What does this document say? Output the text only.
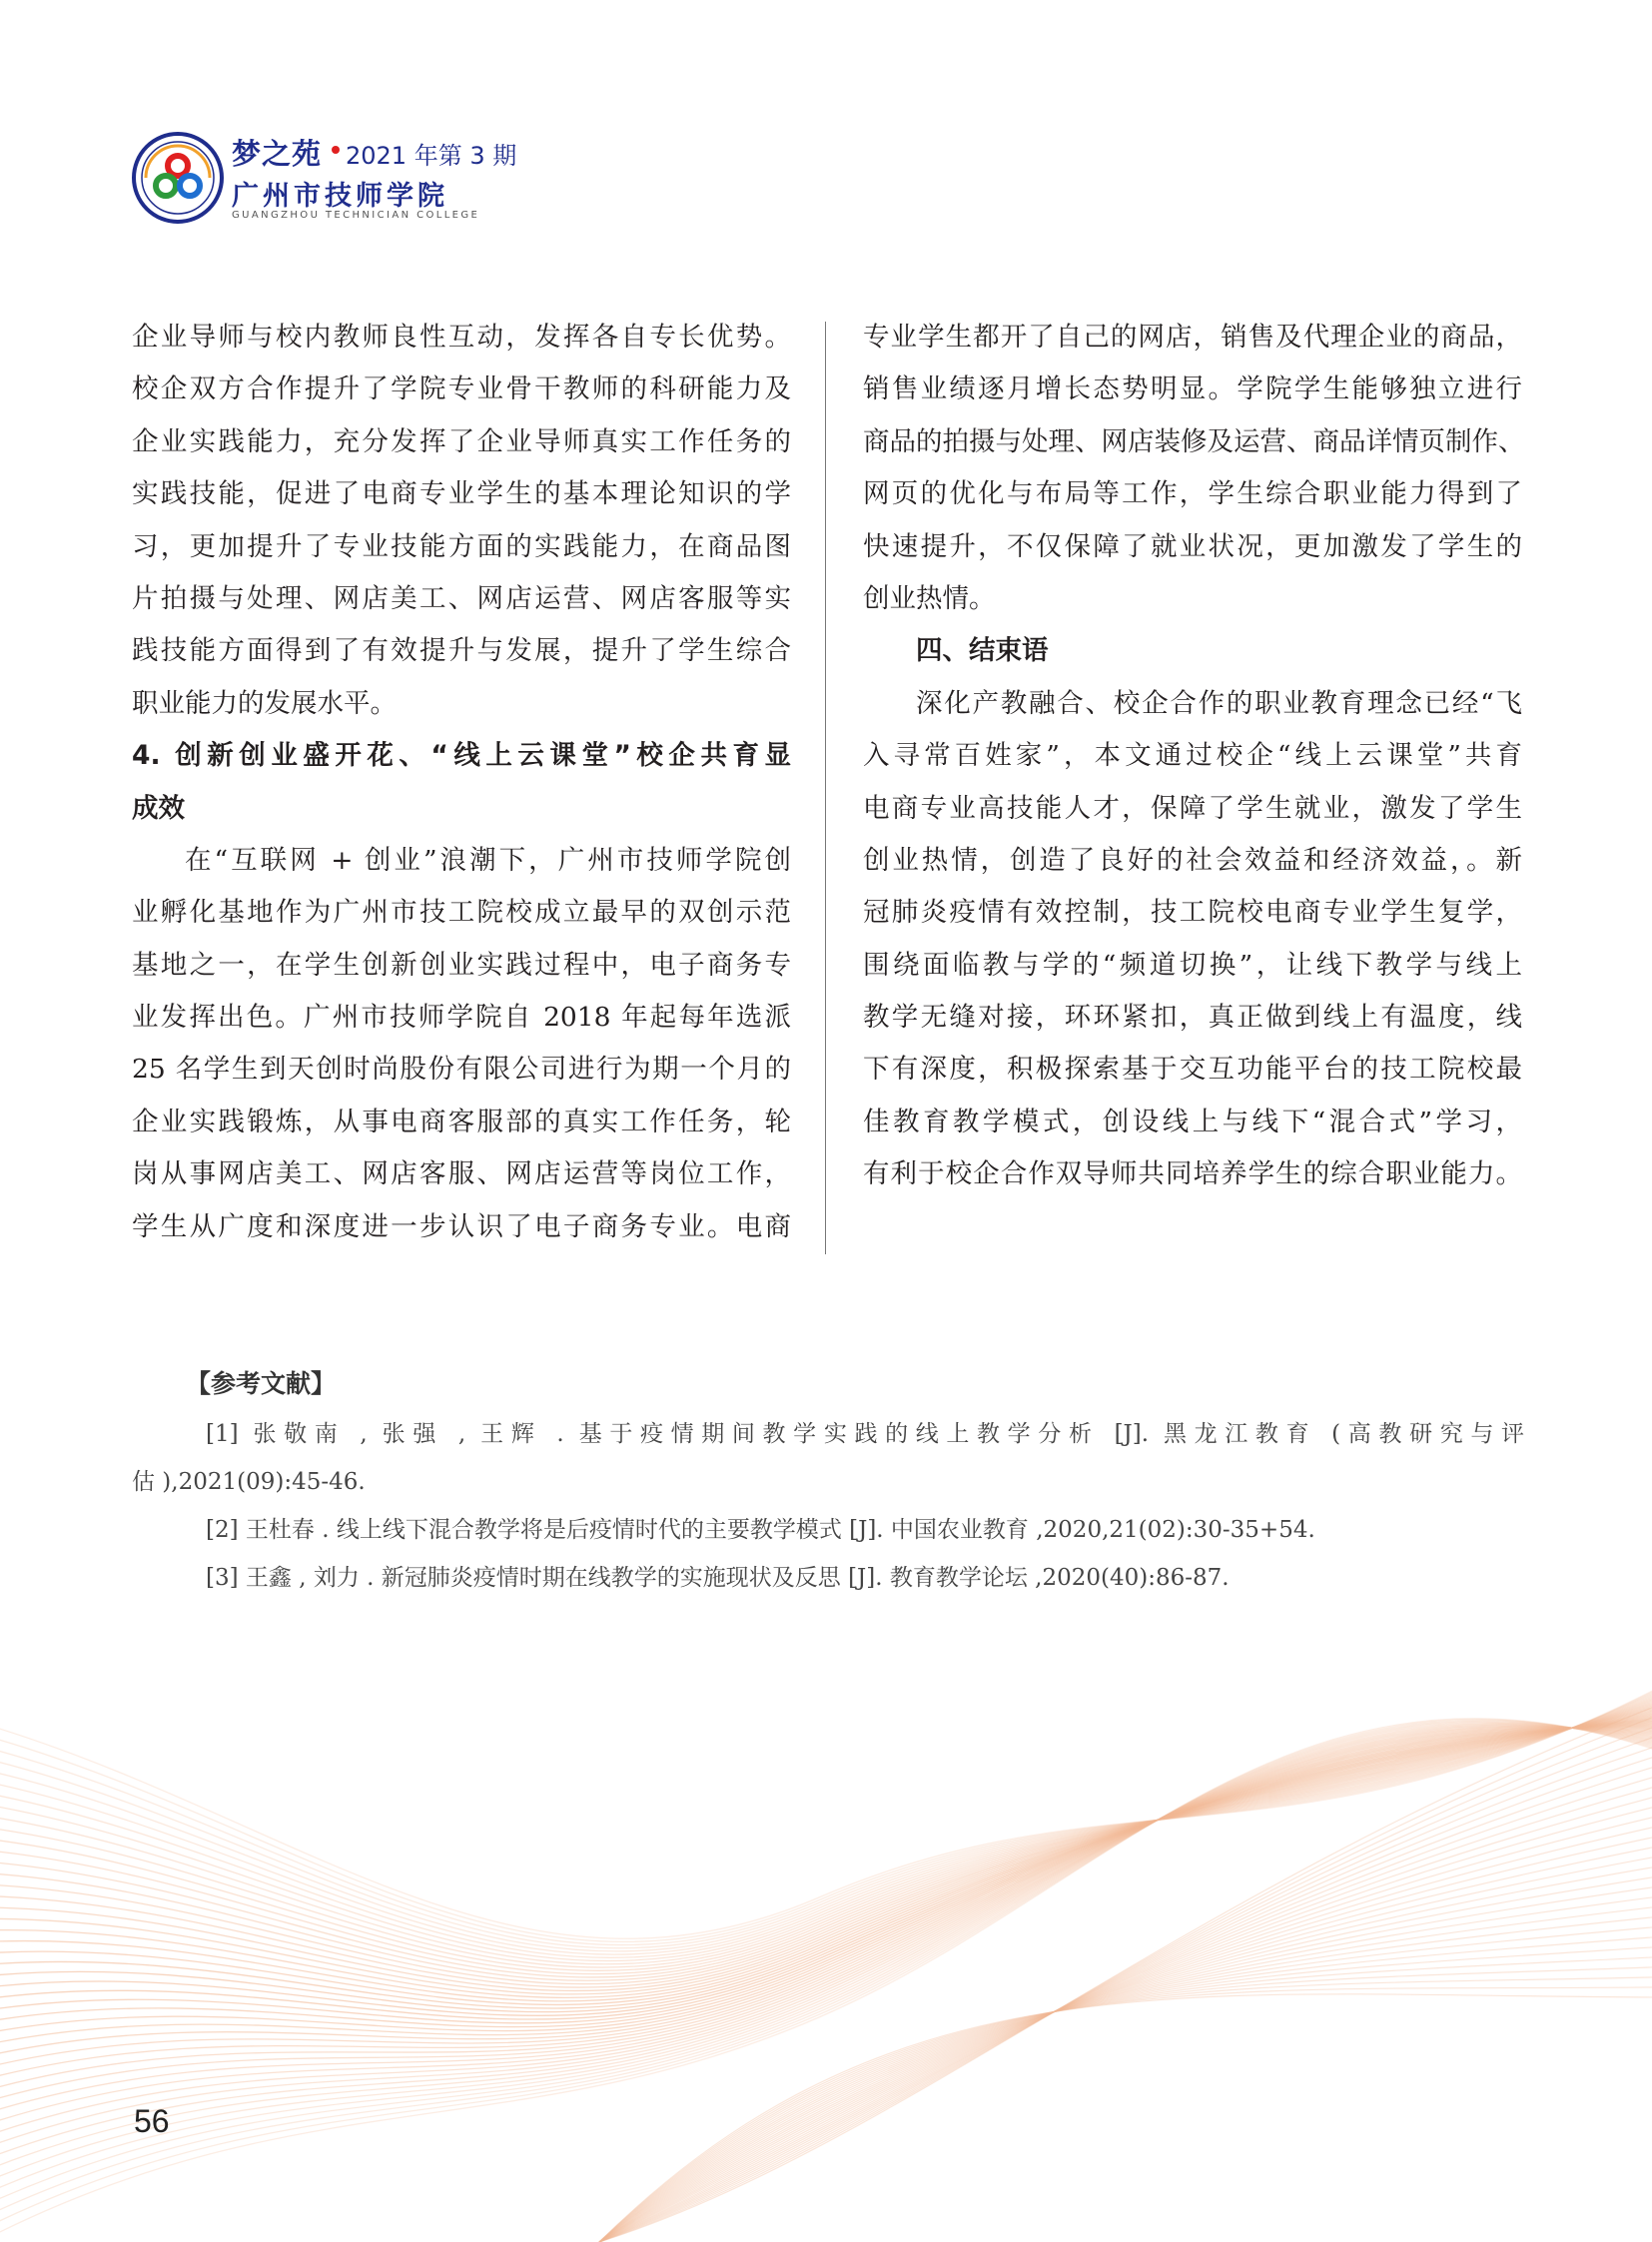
梦之苑 2021 年第 3 期
广州市技师学院
GUANGZHOU TECHNICIAN COLLEGE
企业导师与校内教师良性互动，发挥各自专长优势。
校企双方合作提升了学院专业骨干教师的科研能力及
企业实践能力，充分发挥了企业导师真实工作任务的
实践技能，促进了电商专业学生的基本理论知识的学
习，更加提升了专业技能方面的实践能力，在商品图
片拍摄与处理、网店美工、网店运营、网店客服等实
践技能方面得到了有效提升与发展，提升了学生综合
职业能力的发展水平。
4. 创新创业盛开花、“线上云课堂”校企共育显
成效
在“互联网 + 创业”浪潮下，广州市技师学院创
业孵化基地作为广州市技工院校成立最早的双创示范
基地之一，在学生创新创业实践过程中，电子商务专
业发挥出色。广州市技师学院自 2018 年起每年选派
25 名学生到天创时尚股份有限公司进行为期一个月的
企业实践锻炼，从事电商客服部的真实工作任务，轮
岗从事网店美工、网店客服、网店运营等岗位工作，
学生从广度和深度进一步认识了电子商务专业。电商
专业学生都开了自己的网店，销售及代理企业的商品，
销售业绩逐月增长态势明显。学院学生能够独立进行
商品的拍摄与处理、网店装修及运营、商品详情页制作、
网页的优化与布局等工作，学生综合职业能力得到了
快速提升，不仅保障了就业状况，更加激发了学生的
创业热情。
四、结束语
深化产教融合、校企合作的职业教育理念已经“飞
入寻常百姓家”，本文通过校企“线上云课堂”共育
电商专业高技能人才，保障了学生就业，激发了学生
创业热情，创造了良好的社会效益和经济效益，。新
冠肺炎疫情有效控制，技工院校电商专业学生复学，
围绕面临教与学的“频道切换”，让线下教学与线上
教学无缝对接，环环紧扣，真正做到线上有温度，线
下有深度，积极探索基于交互功能平台的技工院校最
佳教育教学模式，创设线上与线下“混合式”学习，
有利于校企合作双导师共同培养学生的综合职业能力。
【参考文献】
[1] 张敬南 , 张强 , 王辉 . 基于疫情期间教学实践的线上教学分析 [J]. 黑龙江教育 (高教研究与评
估 ),2021(09):45-46.
[2] 王杜春 . 线上线下混合教学将是后疫情时代的主要教学模式 [J]. 中国农业教育 ,2020,21(02):30-35+54.
[3] 王鑫 , 刘力 . 新冠肺炎疫情时期在线教学的实施现状及反思 [J]. 教育教学论坛 ,2020(40):86-87.
56
